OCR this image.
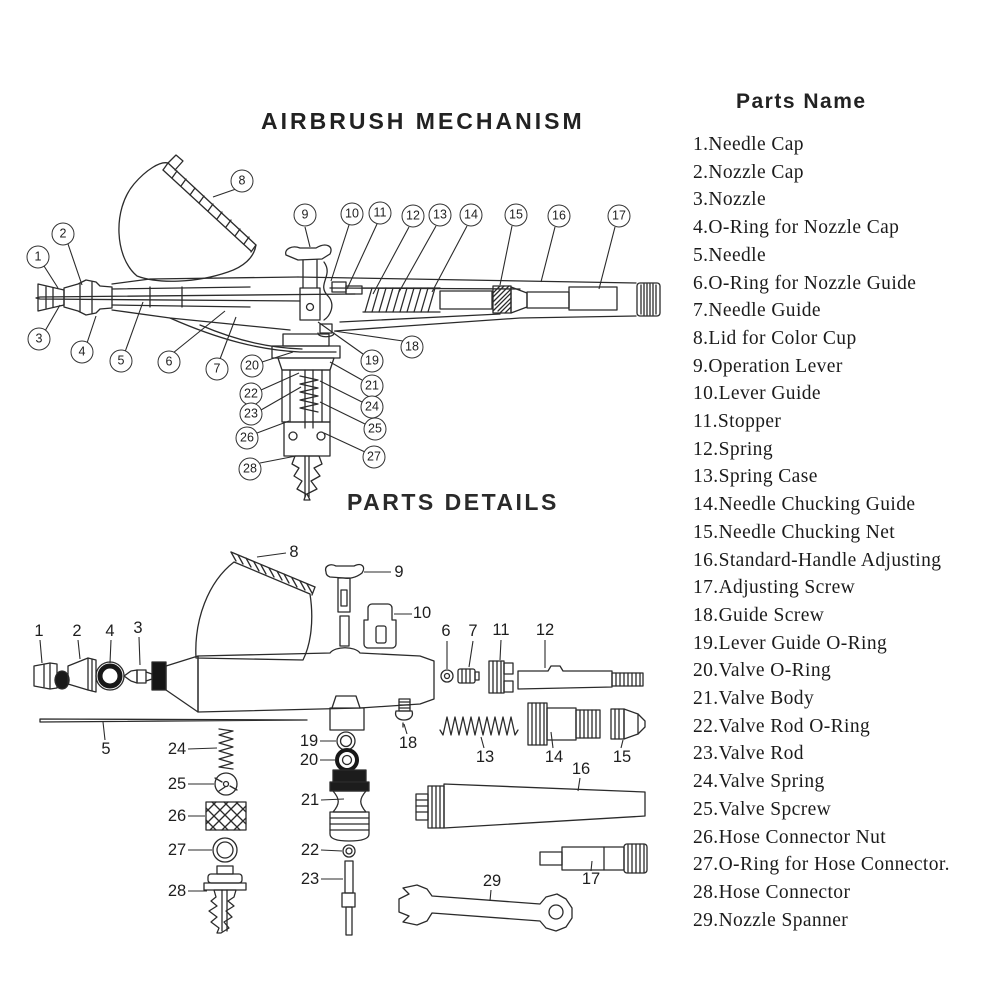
AIRBRUSH MECHANISM
PARTS DETAILS
Parts Name
1.Needle Cap
2.Nozzle Cap
3.Nozzle
4.O-Ring for Nozzle Cap
5.Needle
6.O-Ring for Nozzle Guide
7.Needle Guide
8.Lid for Color Cup
9.Operation Lever
10.Lever Guide
11.Stopper
12.Spring
13.Spring Case
14.Needle Chucking Guide
15.Needle Chucking Net
16.Standard-Handle Adjusting
17.Adjusting Screw
18.Guide Screw
19.Lever Guide O-Ring
20.Valve O-Ring
21.Valve Body
22.Valve Rod O-Ring
23.Valve Rod
24.Valve Spring
25.Valve Spcrew
26.Hose Connector Nut
27.O-Ring for Hose Connector.
28.Hose Connector
29.Nozzle Spanner
1
2
3
4
5	6	7
8
9	10	11	12	13	14	15	16	17
18
19
20
21
22
23	24
25
26
27
28
1 2	3
4
5
6 7
8
9
10
11 12
13	14	15
16
17
18
19
20
21
22
23
24
25
26
27
28
29
